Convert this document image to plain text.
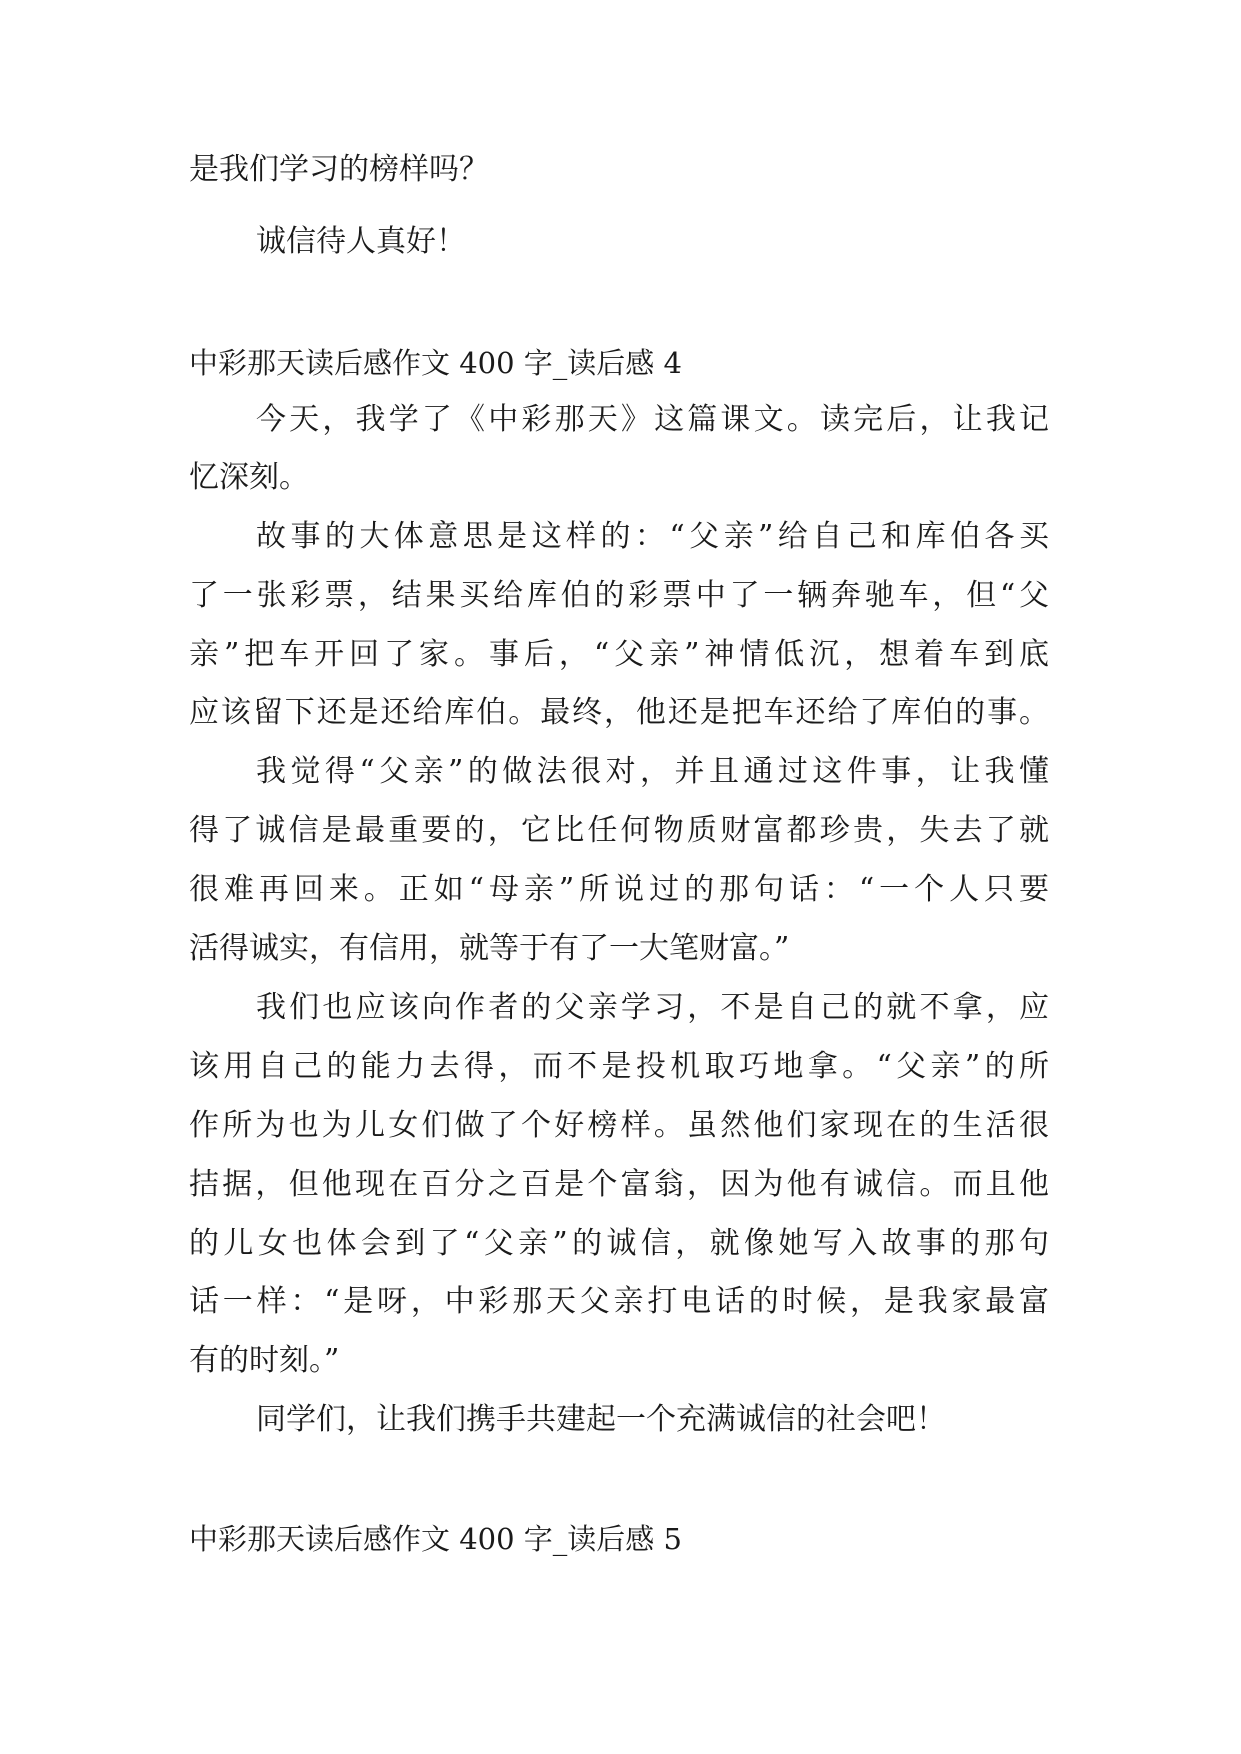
是我们学习的榜样吗？
诚信待人真好！
中彩那天读后感作文 400 字_读后感 4
今天，我学了《中彩那天》这篇课文。读完后，让我记
忆深刻。
故事的大体意思是这样的：“父亲”给自己和库伯各买
了一张彩票，结果买给库伯的彩票中了一辆奔驰车，但“父
亲”把车开回了家。事后，“父亲”神情低沉，想着车到底
应该留下还是还给库伯。最终，他还是把车还给了库伯的事。
我觉得“父亲”的做法很对，并且通过这件事，让我懂
得了诚信是最重要的，它比任何物质财富都珍贵，失去了就
很难再回来。正如“母亲”所说过的那句话：“一个人只要
活得诚实，有信用，就等于有了一大笔财富。”
我们也应该向作者的父亲学习，不是自己的就不拿，应
该用自己的能力去得，而不是投机取巧地拿。“父亲”的所
作所为也为儿女们做了个好榜样。虽然他们家现在的生活很
拮据，但他现在百分之百是个富翁，因为他有诚信。而且他
的儿女也体会到了“父亲”的诚信，就像她写入故事的那句
话一样：“是呀，中彩那天父亲打电话的时候，是我家最富
有的时刻。”
同学们，让我们携手共建起一个充满诚信的社会吧！
中彩那天读后感作文 400 字_读后感 5
